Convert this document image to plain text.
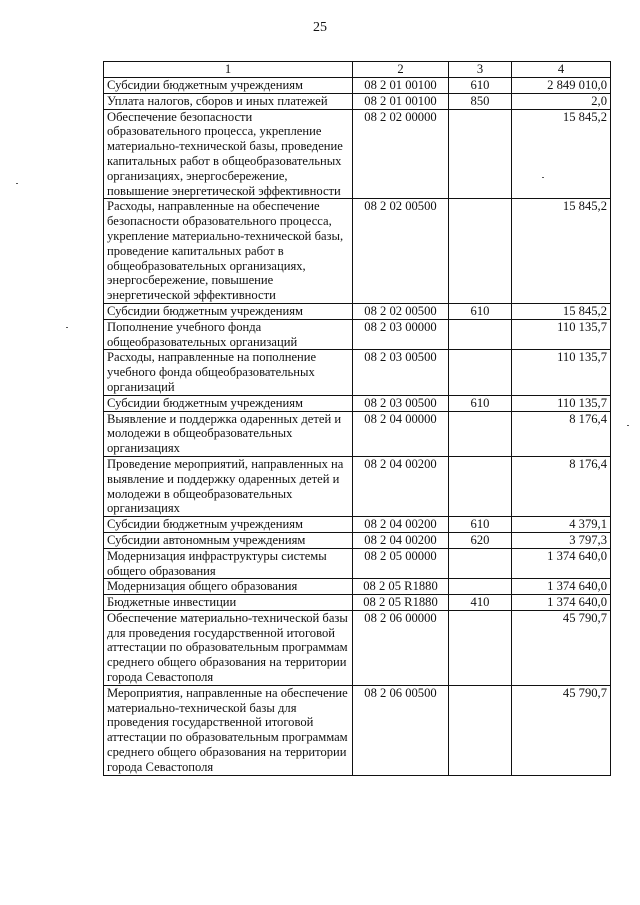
25
1	2	3	4
Субсидии бюджетным учреждениям	08 2 01 00100	610	2 849 010,0
Уплата налогов, сборов и иных платежей	08 2 01 00100	850	2,0
Обеспечение безопасности образовательного процесса, укрепление материально-технической базы, проведение капитальных работ в общеобразовательных организациях, энергосбережение, повышение энергетической эффективности	08 2 02 00000		15 845,2
Расходы, направленные на обеспечение безопасности образовательного процесса, укрепление материально-технической базы, проведение капитальных работ в общеобразовательных организациях, энергосбережение, повышение энергетической эффективности	08 2 02 00500		15 845,2
Субсидии бюджетным учреждениям	08 2 02 00500	610	15 845,2
Пополнение учебного фонда общеобразовательных организаций	08 2 03 00000		110 135,7
Расходы, направленные на пополнение учебного фонда общеобразовательных организаций	08 2 03 00500		110 135,7
Субсидии бюджетным учреждениям	08 2 03 00500	610	110 135,7
Выявление и поддержка одаренных детей и молодежи в общеобразовательных организациях	08 2 04 00000		8 176,4
Проведение мероприятий, направленных на выявление и поддержку одаренных детей и молодежи в общеобразовательных организациях	08 2 04 00200		8 176,4
Субсидии бюджетным учреждениям	08 2 04 00200	610	4 379,1
Субсидии автономным учреждениям	08 2 04 00200	620	3 797,3
Модернизация инфраструктуры системы общего образования	08 2 05 00000		1 374 640,0
Модернизация общего образования	08 2 05 R1880		1 374 640,0
Бюджетные инвестиции	08 2 05 R1880	410	1 374 640,0
Обеспечение материально-технической базы для проведения государственной итоговой аттестации по образовательным программам среднего общего образования на территории города Севастополя	08 2 06 00000		45 790,7
Мероприятия, направленные на обеспечение материально-технической базы для проведения государственной итоговой аттестации по образовательным программам среднего общего образования на территории города Севастополя	08 2 06 00500		45 790,7
